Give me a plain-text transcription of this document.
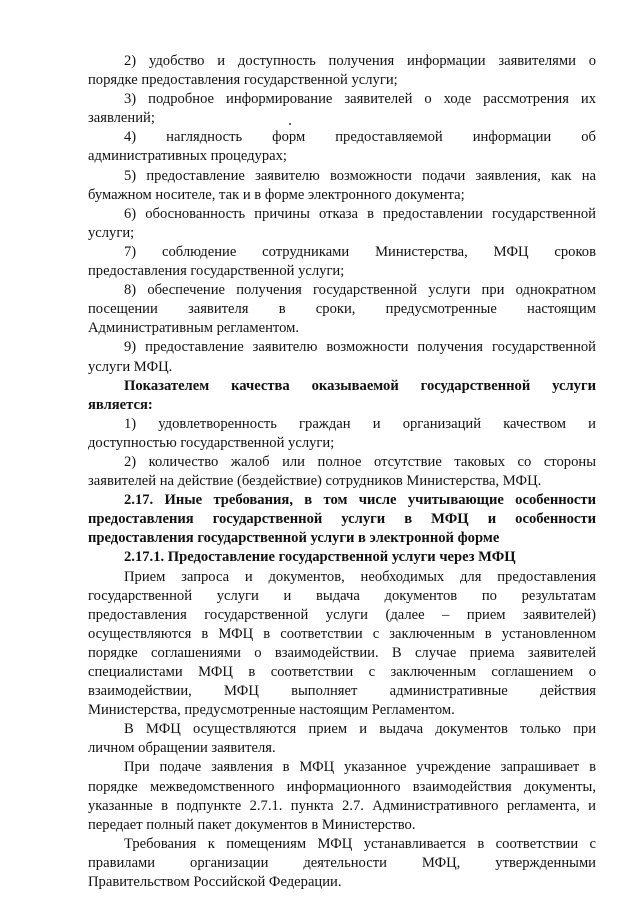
2) удобство и доступность получения информации заявителями о
порядке предоставления государственной услуги;
3) подробное информирование заявителей о ходе рассмотрения их
заявлений;
4) наглядность форм предоставляемой информации об
административных процедурах;
5) предоставление заявителю возможности подачи заявления, как на
бумажном носителе, так и в форме электронного документа;
6) обоснованность причины отказа в предоставлении государственной
услуги;
7) соблюдение сотрудниками Министерства, МФЦ сроков
предоставления государственной услуги;
8) обеспечение получения государственной услуги при однократном
посещении заявителя в сроки, предусмотренные настоящим
Административным регламентом.
9) предоставление заявителю возможности получения государственной
услуги МФЦ.
Показателем качества оказываемой государственной услуги
является:
1) удовлетворенность граждан и организаций качеством и
доступностью государственной услуги;
2) количество жалоб или полное отсутствие таковых со стороны
заявителей на действие (бездействие) сотрудников Министерства, МФЦ.
2.17. Иные требования, в том числе учитывающие особенности
предоставления государственной услуги в МФЦ и особенности
предоставления государственной услуги в электронной форме
2.17.1. Предоставление государственной услуги через МФЦ
Прием запроса и документов, необходимых для предоставления
государственной услуги и выдача документов по результатам
предоставления государственной услуги (далее – прием заявителей)
осуществляются в МФЦ в соответствии с заключенным в установленном
порядке соглашениями о взаимодействии. В случае приема заявителей
специалистами МФЦ в соответствии с заключенным соглашением о
взаимодействии, МФЦ выполняет административные действия
Министерства, предусмотренные настоящим Регламентом.
В МФЦ осуществляются прием и выдача документов только при
личном обращении заявителя.
При подаче заявления в МФЦ указанное учреждение запрашивает в
порядке межведомственного информационного взаимодействия документы,
указанные в подпункте 2.7.1. пункта 2.7. Административного регламента, и
передает полный пакет документов в Министерство.
Требования к помещениям МФЦ устанавливается в соответствии с
правилами организации деятельности МФЦ, утвержденными
Правительством Российской Федерации.
